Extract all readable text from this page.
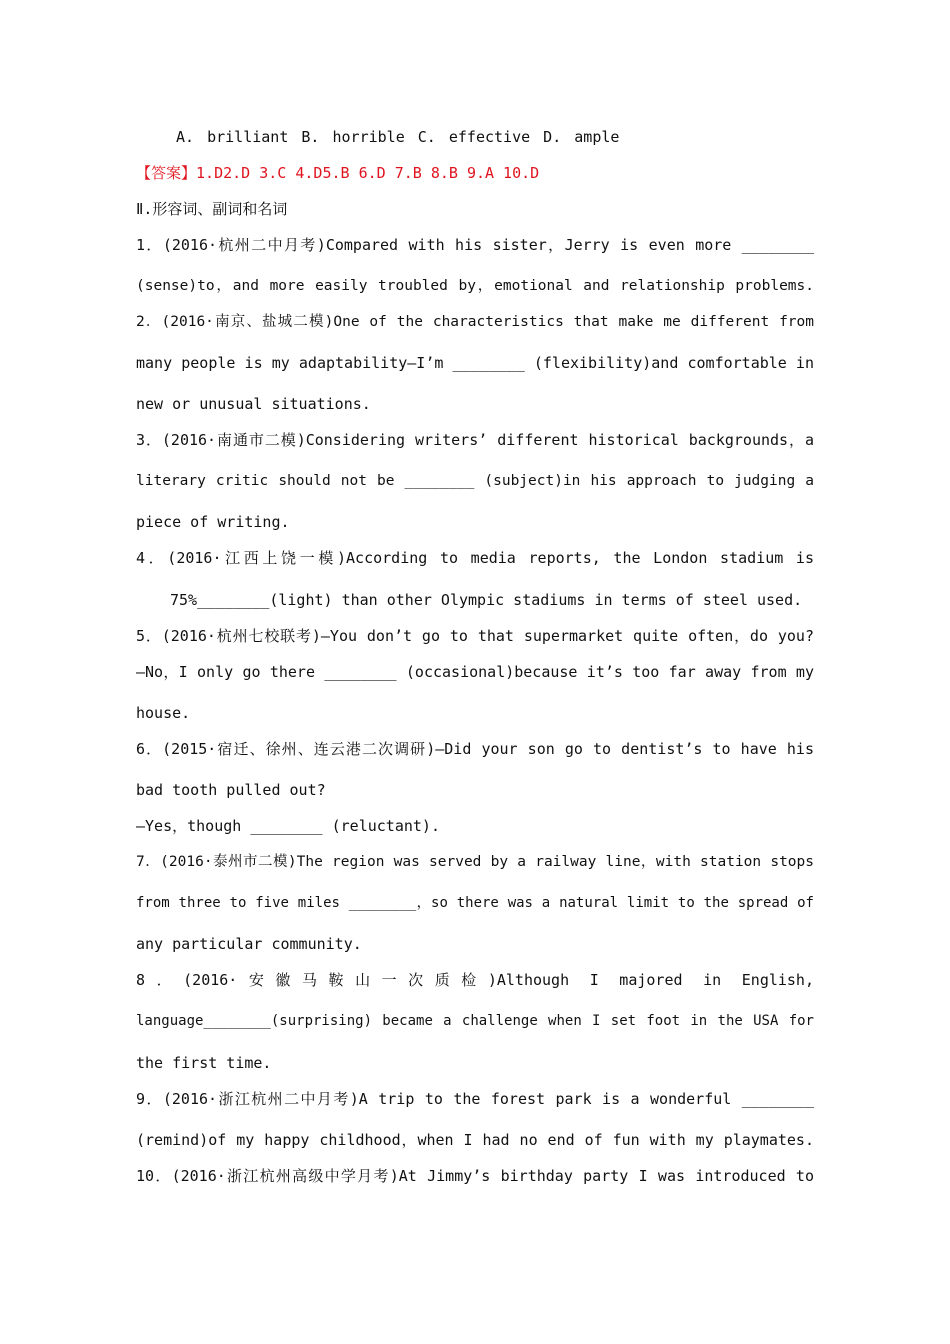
A. brilliant B. horrible C. effective D. ample
【答案】1.D2.D 3.C 4.D5.B 6.D 7.B 8.B 9.A 10.D
Ⅱ.形容词、副词和名词
1．(2016·杭州二中月考)Compared with his sister，Jerry is even more ________
(sense)to，and more easily troubled by，emotional and relationship problems.
2．(2016·南京、盐城二模)One of the characteristics that make me different from
many people is my adaptability—I’m ________ (flexibility)and comfortable in
new or unusual situations.
3．(2016·南通市二模)Considering writers’ different historical backgrounds，a
literary critic should not be ________ (subject)in his approach to judging a
piece of writing.
4．(2016·江西上饶一模)According to media reports, the London stadium is
75%________(light) than other Olympic stadiums in terms of steel used.
5．(2016·杭州七校联考)—You don’t go to that supermarket quite often，do you?
—No，I only go there ________ (occasional)because it’s too far away from my
house.
6．(2015·宿迁、徐州、连云港二次调研)—Did your son go to dentist’s to have his
bad tooth pulled out?
—Yes，though ________ (reluctant).
7．(2016·泰州市二模)The region was served by a railway line，with station stops
from three to five miles ________，so there was a natural limit to the spread of
any particular community.
8．(2016·安徽马鞍山一次质检)Although I majored in English,
language________(surprising) became a challenge when I set foot in the USA for
the first time.
9．(2016·浙江杭州二中月考)A trip to the forest park is a wonderful ________
(remind)of my happy childhood，when I had no end of fun with my playmates.
10．(2016·浙江杭州高级中学月考)At Jimmy’s birthday party I was introduced to
